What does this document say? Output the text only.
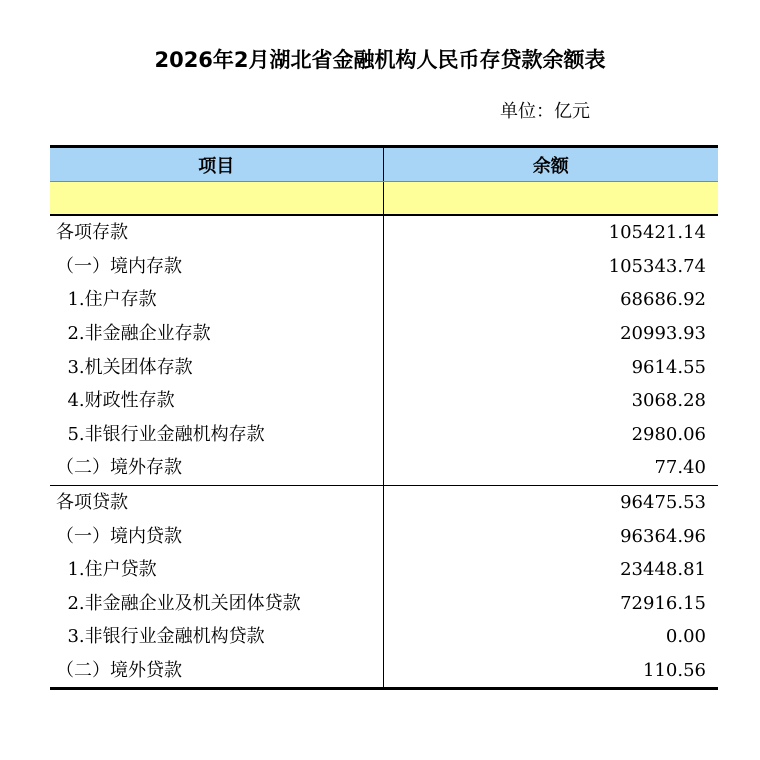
2026年2月湖北省金融机构人民币存贷款余额表
单位：亿元
项目	余额

各项存款	105421.14
（一）境内存款	105343.74
1.住户存款	68686.92
2.非金融企业存款	20993.93
3.机关团体存款	9614.55
4.财政性存款	3068.28
5.非银行业金融机构存款	2980.06
（二）境外存款	77.40
各项贷款	96475.53
（一）境内贷款	96364.96
1.住户贷款	23448.81
2.非金融企业及机关团体贷款	72916.15
3.非银行业金融机构贷款	0.00
（二）境外贷款	110.56
